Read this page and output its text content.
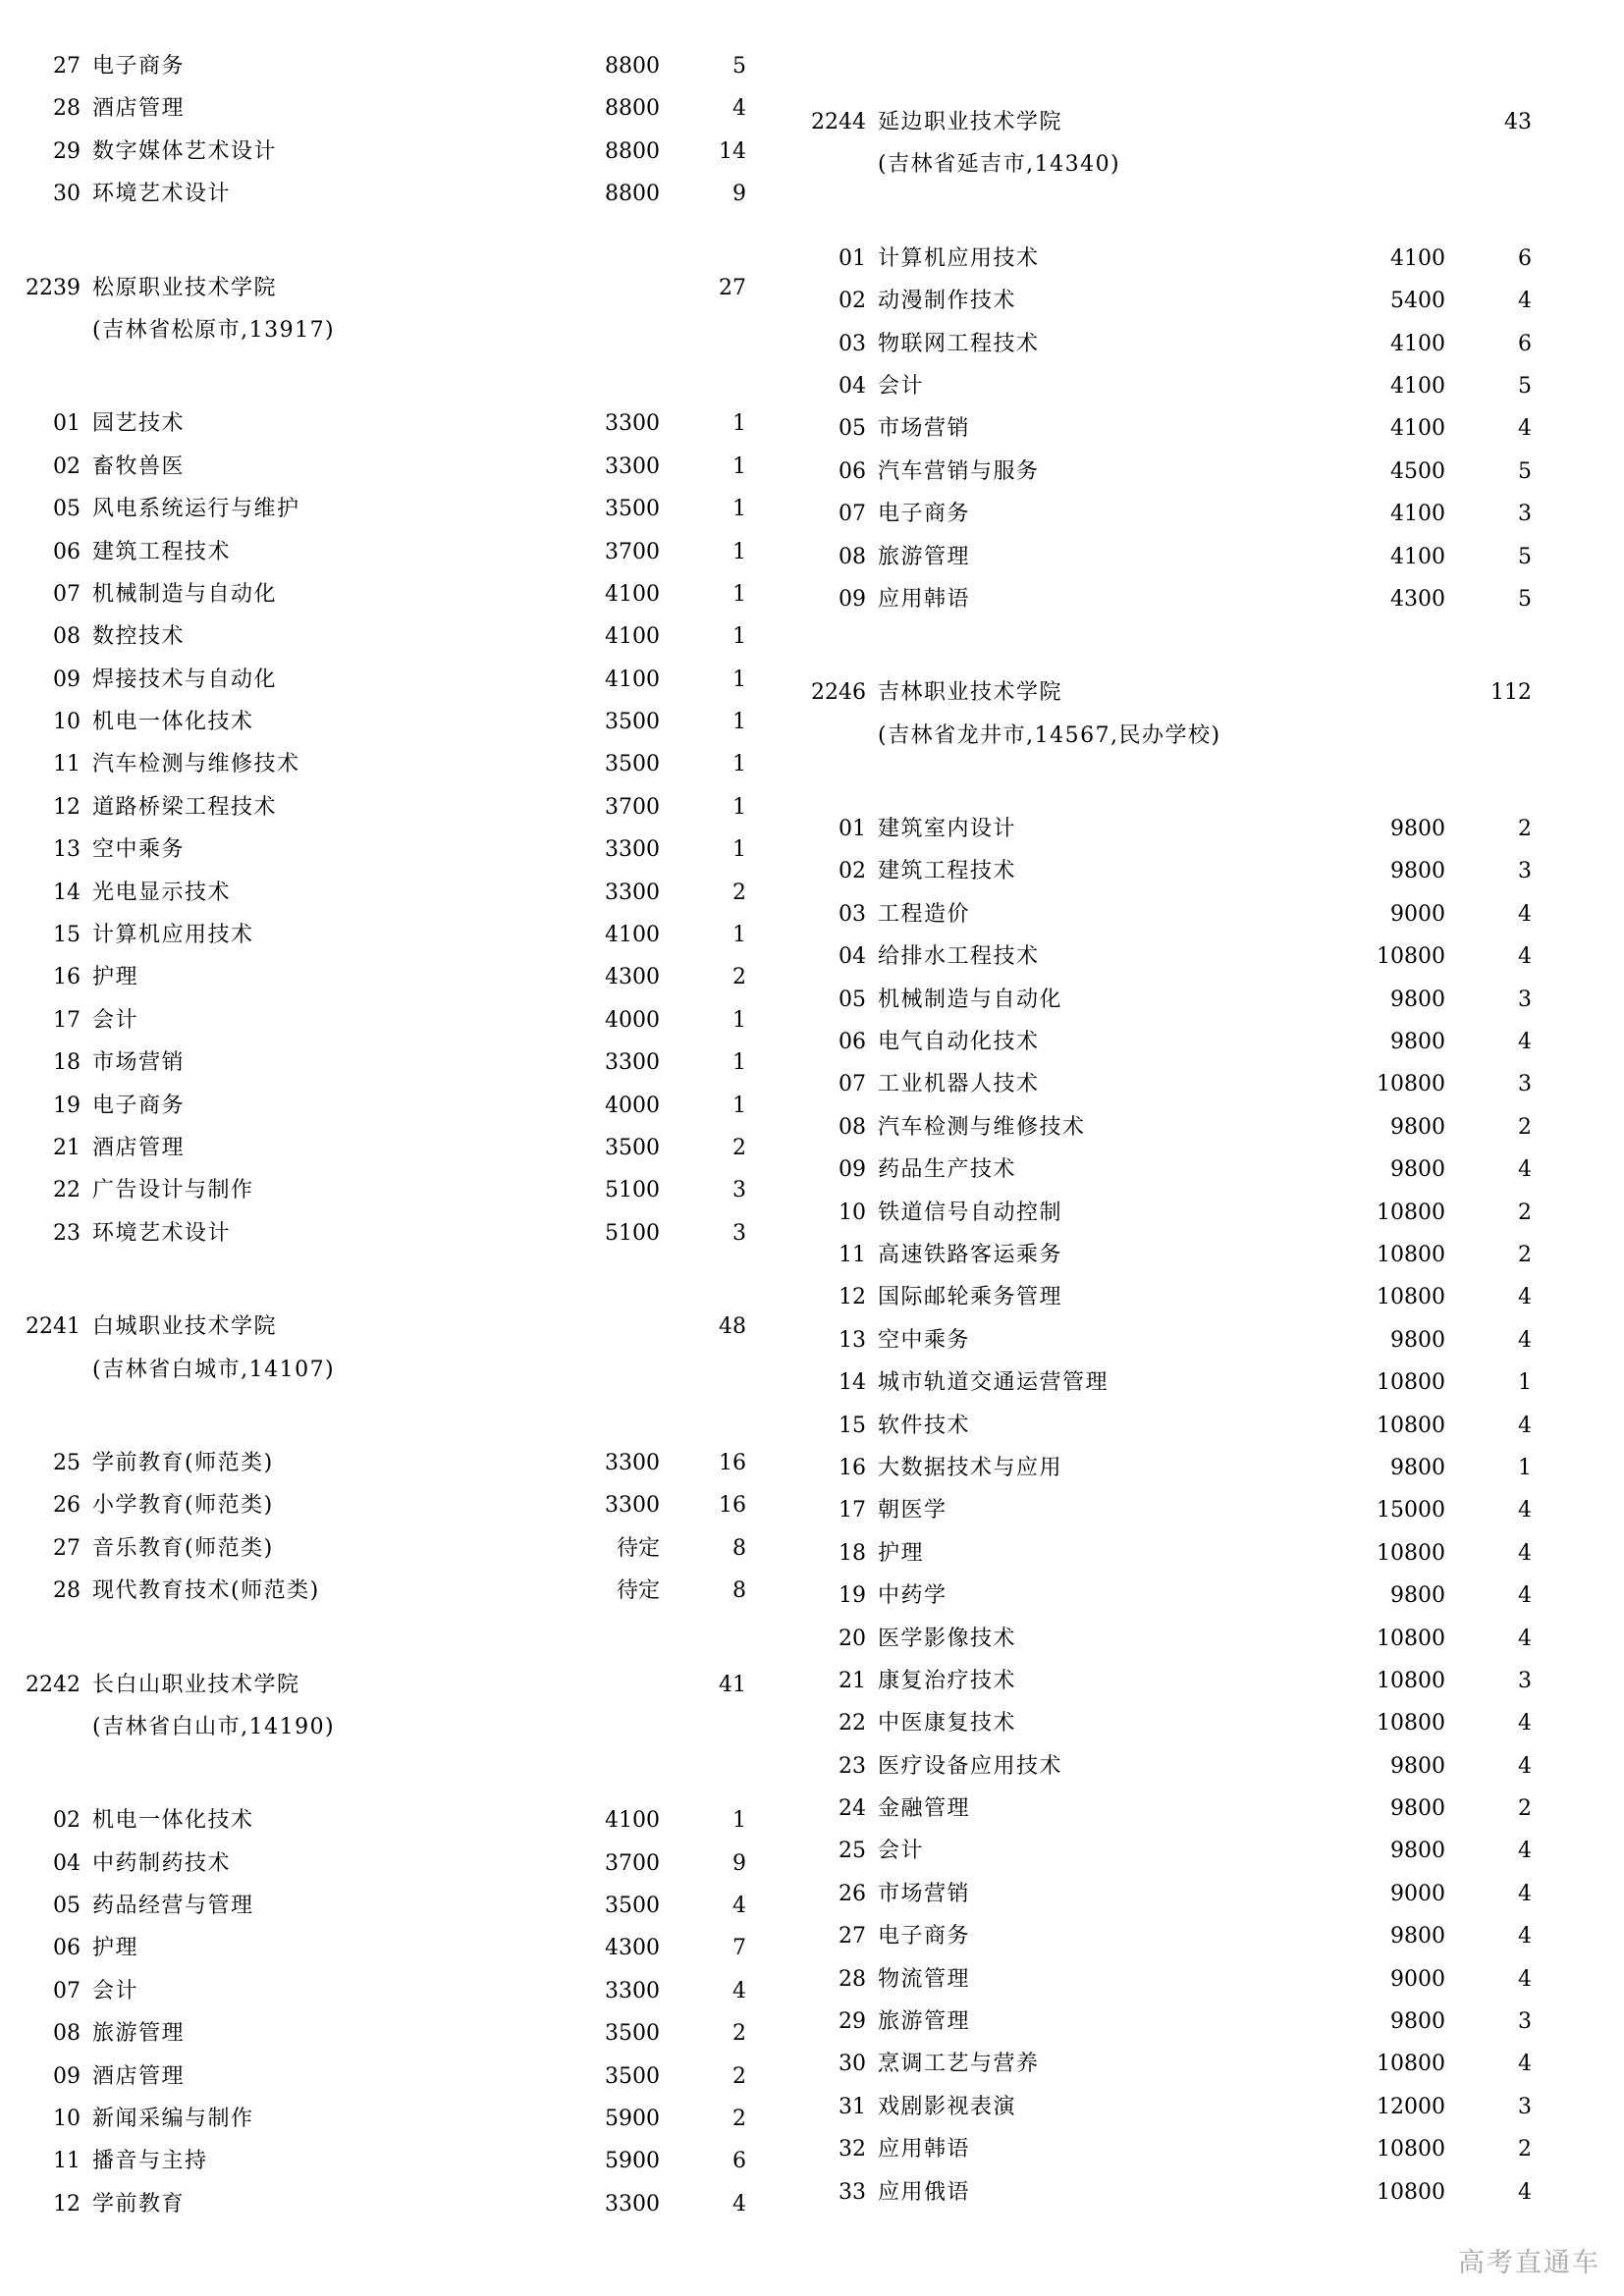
27 电子商务	8800	5
28 酒店管理	8800	4
29 数字媒体艺术设计	8800	14
30 环境艺术设计	8800	9
2239 松原职业技术学院	27
(吉林省松原市,13917)
01 园艺技术	3300	1
02 畜牧兽医	3300	1
05 风电系统运行与维护	3500	1
06 建筑工程技术	3700	1
07 机械制造与自动化	4100	1
08 数控技术	4100	1
09 焊接技术与自动化	4100	1
10 机电一体化技术	3500	1
11 汽车检测与维修技术	3500	1
12 道路桥梁工程技术	3700	1
13 空中乘务	3300	1
14 光电显示技术	3300	2
15 计算机应用技术	4100	1
16 护理	4300	2
17 会计	4000	1
18 市场营销	3300	1
19 电子商务	4000	1
21 酒店管理	3500	2
22 广告设计与制作	5100	3
23 环境艺术设计	5100	3
2241 白城职业技术学院	48
(吉林省白城市,14107)
25 学前教育(师范类)	3300	16
26 小学教育(师范类)	3300	16
27 音乐教育(师范类)	待定	8
28 现代教育技术(师范类)	待定	8
2242 长白山职业技术学院	41
(吉林省白山市,14190)
02 机电一体化技术	4100	1
04 中药制药技术	3700	9
05 药品经营与管理	3500	4
06 护理	4300	7
07 会计	3300	4
08 旅游管理	3500	2
09 酒店管理	3500	2
10 新闻采编与制作	5900	2
11 播音与主持	5900	6
12 学前教育	3300	4
2244 延边职业技术学院	43
(吉林省延吉市,14340)
01 计算机应用技术	4100	6
02 动漫制作技术	5400	4
03 物联网工程技术	4100	6
04 会计	4100	5
05 市场营销	4100	4
06 汽车营销与服务	4500	5
07 电子商务	4100	3
08 旅游管理	4100	5
09 应用韩语	4300	5
2246 吉林职业技术学院	112
(吉林省龙井市,14567,民办学校)
01 建筑室内设计	9800	2
02 建筑工程技术	9800	3
03 工程造价	9000	4
04 给排水工程技术	10800	4
05 机械制造与自动化	9800	3
06 电气自动化技术	9800	4
07 工业机器人技术	10800	3
08 汽车检测与维修技术	9800	2
09 药品生产技术	9800	4
10 铁道信号自动控制	10800	2
11 高速铁路客运乘务	10800	2
12 国际邮轮乘务管理	10800	4
13 空中乘务	9800	4
14 城市轨道交通运营管理	10800	1
15 软件技术	10800	4
16 大数据技术与应用	9800	1
17 朝医学	15000	4
18 护理	10800	4
19 中药学	9800	4
20 医学影像技术	10800	4
21 康复治疗技术	10800	3
22 中医康复技术	10800	4
23 医疗设备应用技术	9800	4
24 金融管理	9800	2
25 会计	9800	4
26 市场营销	9000	4
27 电子商务	9800	4
28 物流管理	9000	4
29 旅游管理	9800	3
30 烹调工艺与营养	10800	4
31 戏剧影视表演	12000	3
32 应用韩语	10800	2
33 应用俄语	10800	4
高考直通车
